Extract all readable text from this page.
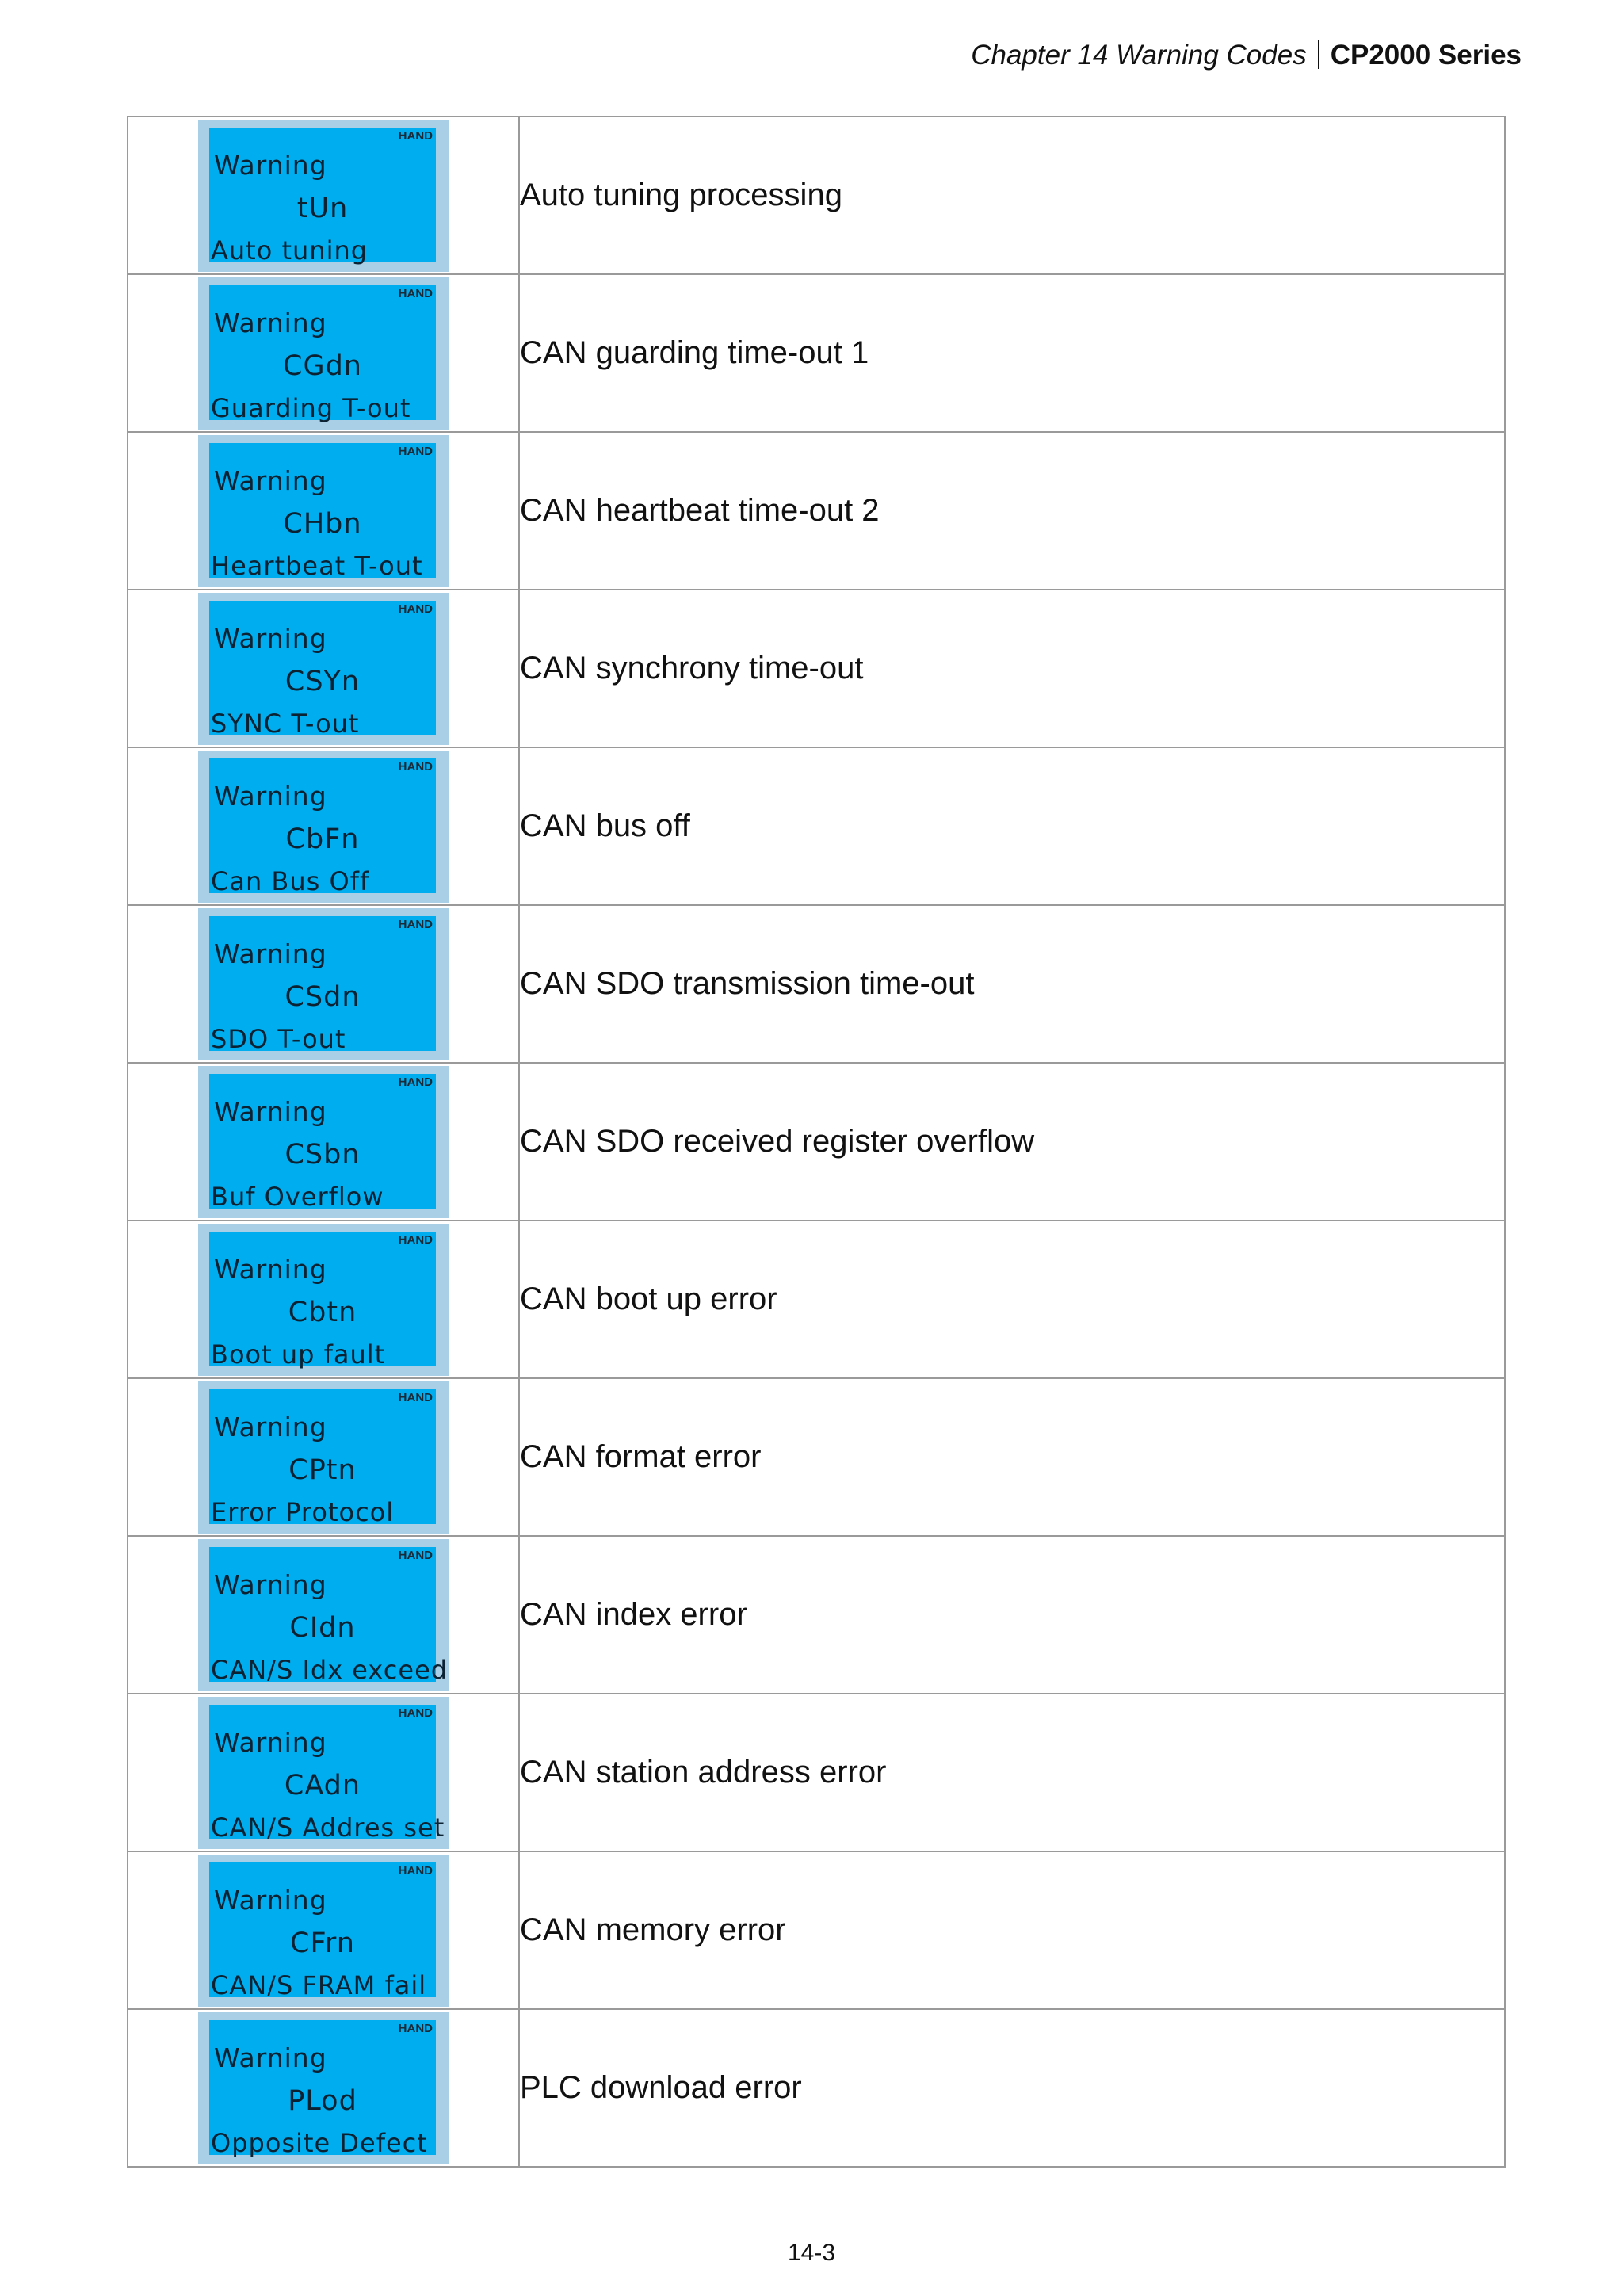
Chapter 14 Warning Codes CP2000 Series
HAND
Warning
tUn
Auto tuning	Auto tuning processing

HAND
Warning
CGdn
Guarding T-out	CAN guarding time-out 1

HAND
Warning
CHbn
Heartbeat T-out	CAN heartbeat time-out 2

HAND
Warning
CSYn
SYNC T-out	CAN synchrony time-out

HAND
Warning
CbFn
Can Bus Off	CAN bus off

HAND
Warning
CSdn
SDO T-out	CAN SDO transmission time-out

HAND
Warning
CSbn
Buf Overflow	CAN SDO received register overflow

HAND
Warning
Cbtn
Boot up fault	CAN boot up error

HAND
Warning
CPtn
Error Protocol	CAN format error

HAND
Warning
CIdn
CAN/S Idx exceed	CAN index error

HAND
Warning
CAdn
CAN/S Addres set	CAN station address error

HAND
Warning
CFrn
CAN/S FRAM fail	CAN memory error

HAND
Warning
PLod
Opposite Defect	PLC download error
14-3
